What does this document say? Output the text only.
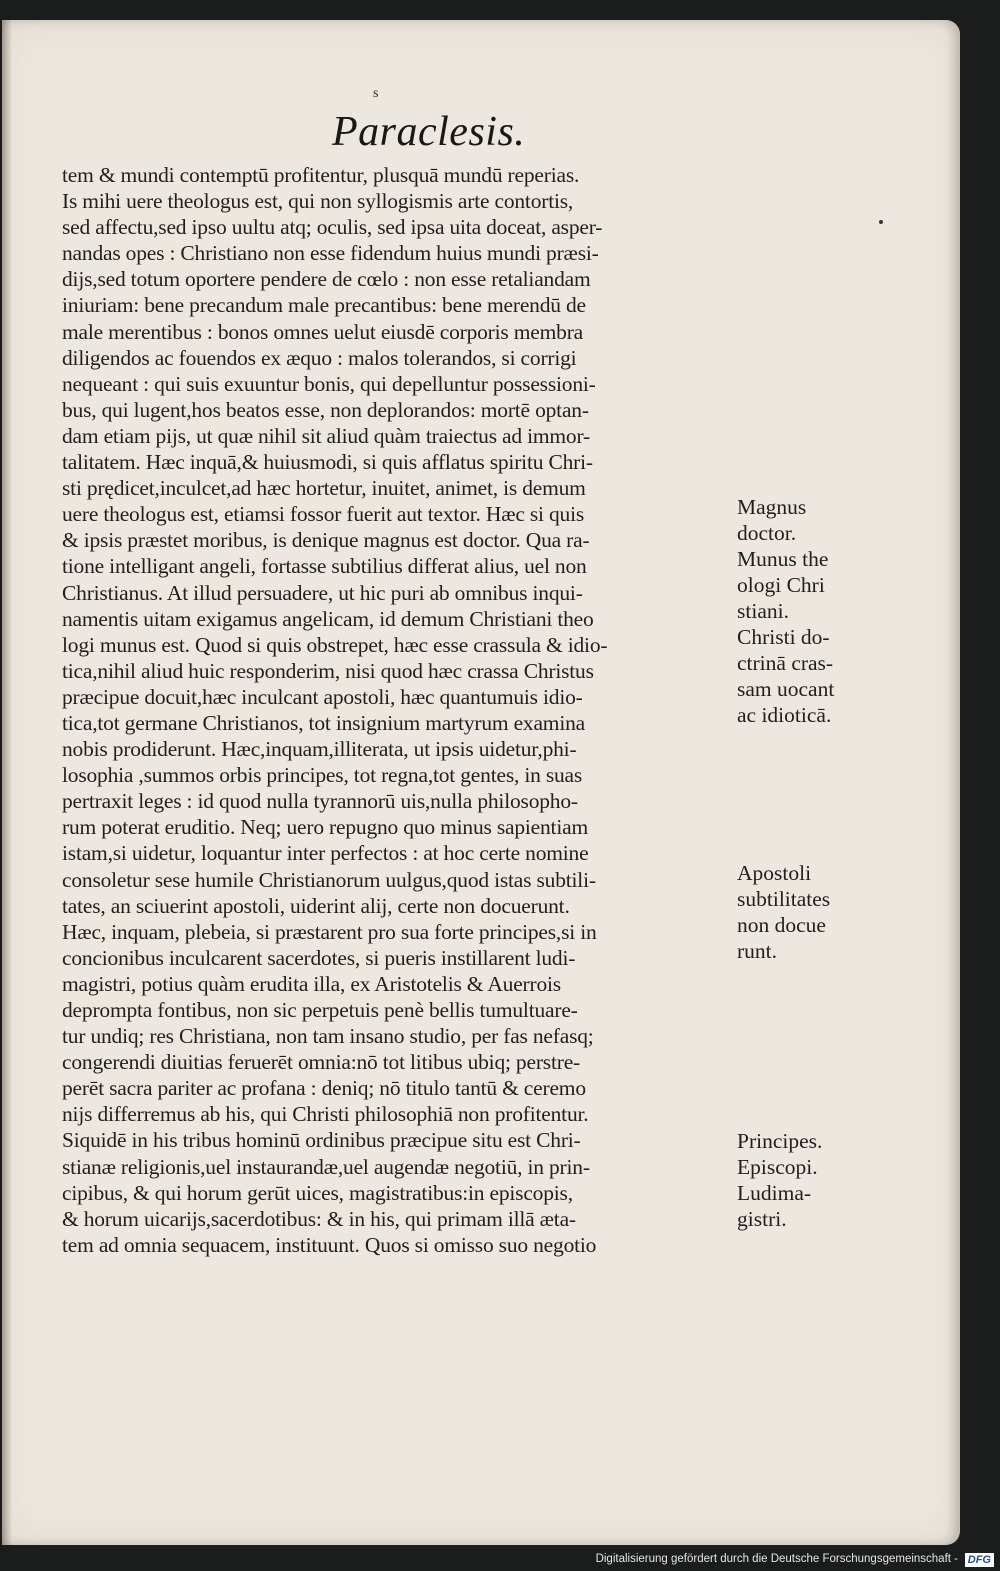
s
Paraclesis.
tem & mundi contemptū profitentur, plusquā mundū reperias.
Is mihi uere theologus est, qui non syllogismis arte contortis,
sed affectu,sed ipso uultu atq; oculis, sed ipsa uita doceat, asper-
nandas opes : Christiano non esse fidendum huius mundi præsi-
dijs,sed totum oportere pendere de cœlo : non esse retaliandam
iniuriam: bene precandum male precantibus: bene merendū de
male merentibus : bonos omnes uelut eiusdē corporis membra
diligendos ac fouendos ex æquo : malos tolerandos, si corrigi
nequeant : qui suis exuuntur bonis, qui depelluntur possessioni-
bus, qui lugent,hos beatos esse, non deplorandos: mortē optan-
dam etiam pijs, ut quæ nihil sit aliud quàm traiectus ad immor-
talitatem. Hæc inquā,& huiusmodi, si quis afflatus spiritu Chri-
sti prędicet,inculcet,ad hæc hortetur, inuitet, animet, is demum
uere theologus est, etiamsi fossor fuerit aut textor. Hæc si quis
& ipsis præstet moribus, is denique magnus est doctor. Qua ra-
tione intelligant angeli, fortasse subtilius differat alius, uel non
Christianus. At illud persuadere, ut hic puri ab omnibus inqui-
namentis uitam exigamus angelicam, id demum Christiani theo
logi munus est. Quod si quis obstrepet, hæc esse crassula & idio-
tica,nihil aliud huic responderim, nisi quod hæc crassa Christus
præcipue docuit,hæc inculcant apostoli, hæc quantumuis idio-
tica,tot germane Christianos, tot insignium martyrum examina
nobis prodiderunt. Hæc,inquam,illiterata, ut ipsis uidetur,phi-
losophia ,summos orbis principes, tot regna,tot gentes, in suas
pertraxit leges : id quod nulla tyrannorū uis,nulla philosopho-
rum poterat eruditio. Neq; uero repugno quo minus sapientiam
istam,si uidetur, loquantur inter perfectos : at hoc certe nomine
consoletur sese humile Christianorum uulgus,quod istas subtili-
tates, an sciuerint apostoli, uiderint alij, certe non docuerunt.
Hæc, inquam, plebeia, si præstarent pro sua forte principes,si in
concionibus inculcarent sacerdotes, si pueris instillarent ludi-
magistri, potius quàm erudita illa, ex Aristotelis & Auerrois
deprompta fontibus, non sic perpetuis penè bellis tumultuare-
tur undiq; res Christiana, non tam insano studio, per fas nefasq;
congerendi diuitias feruerēt omnia:nō tot litibus ubiq; perstre-
perēt sacra pariter ac profana : deniq; nō titulo tantū & ceremo
nijs differremus ab his, qui Christi philosophiā non profitentur.
Siquidē in his tribus hominū ordinibus præcipue situ est Chri-
stianæ religionis,uel instaurandæ,uel augendæ negotiū, in prin-
cipibus, & qui horum gerūt uices, magistratibus:in episcopis,
& horum uicarijs,sacerdotibus: & in his, qui primam illā æta-
tem ad omnia sequacem, instituunt. Quos si omisso suo negotio
Magnus
doctor.
Munus the
ologi Chri
stiani.
Christi do-
ctrinā cras-
sam uocant
ac idioticā.
Apostoli
subtilitates
non docue
runt.
Principes.
Episcopi.
Ludima-
gistri.
Digitalisierung gefördert durch die Deutsche Forschungsgemeinschaft - DFG
